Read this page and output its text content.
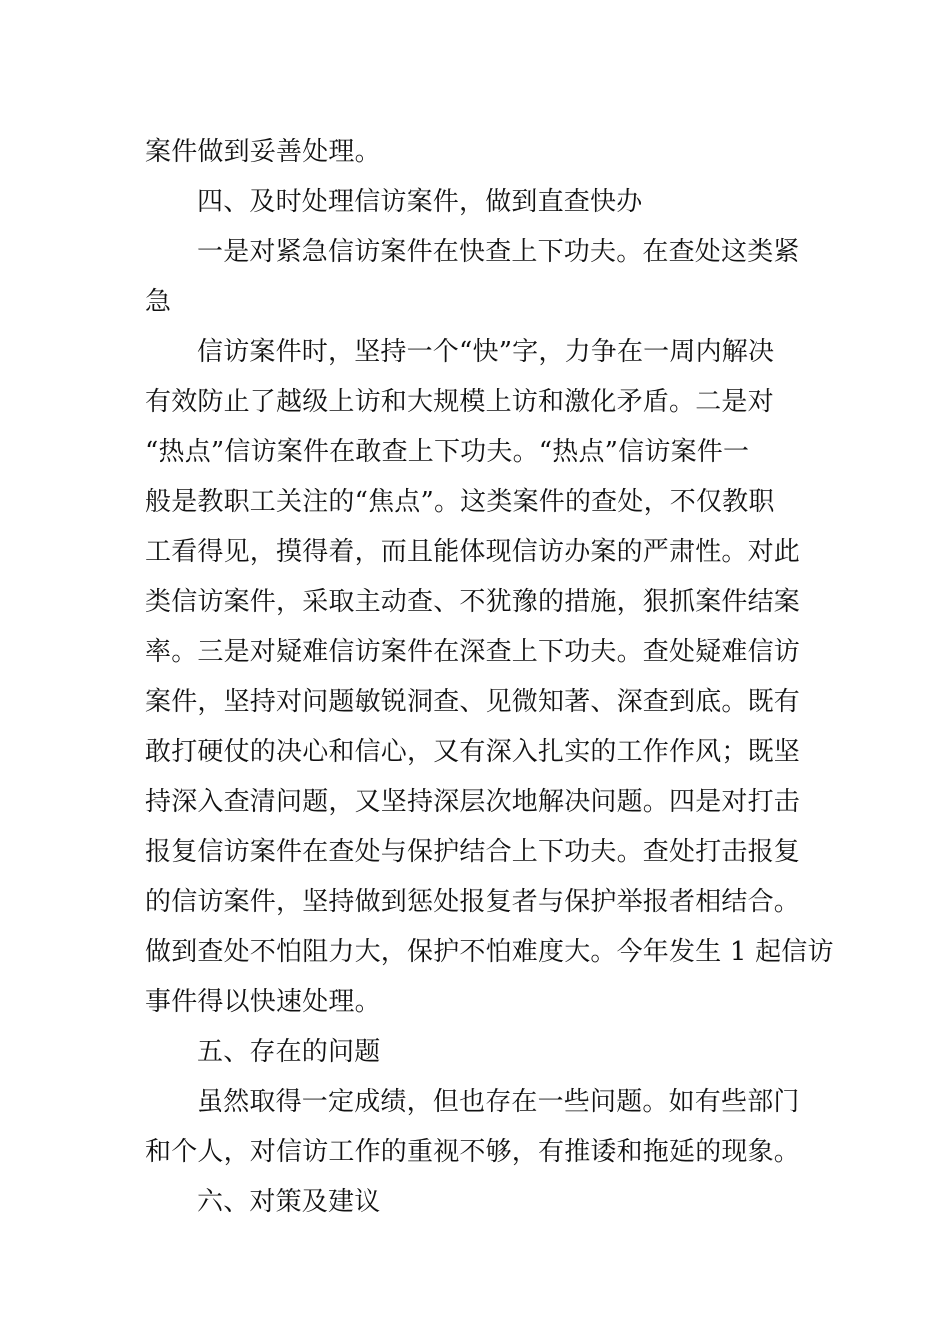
案件做到妥善处理。
四、及时处理信访案件，做到直查快办
一是对紧急信访案件在快查上下功夫。在查处这类紧
急
信访案件时，坚持一个“快”字，力争在一周内解决
有效防止了越级上访和大规模上访和激化矛盾。二是对
“热点”信访案件在敢查上下功夫。“热点”信访案件一
般是教职工关注的“焦点”。这类案件的查处，不仅教职
工看得见，摸得着，而且能体现信访办案的严肃性。对此
类信访案件，采取主动查、不犹豫的措施，狠抓案件结案
率。三是对疑难信访案件在深查上下功夫。查处疑难信访
案件，坚持对问题敏锐洞查、见微知著、深查到底。既有
敢打硬仗的决心和信心，又有深入扎实的工作作风；既坚
持深入查清问题，又坚持深层次地解决问题。四是对打击
报复信访案件在查处与保护结合上下功夫。查处打击报复
的信访案件，坚持做到惩处报复者与保护举报者相结合。
做到查处不怕阻力大，保护不怕难度大。今年发生 1 起信访
事件得以快速处理。
五、存在的问题
虽然取得一定成绩，但也存在一些问题。如有些部门
和个人，对信访工作的重视不够，有推诿和拖延的现象。
六、对策及建议
